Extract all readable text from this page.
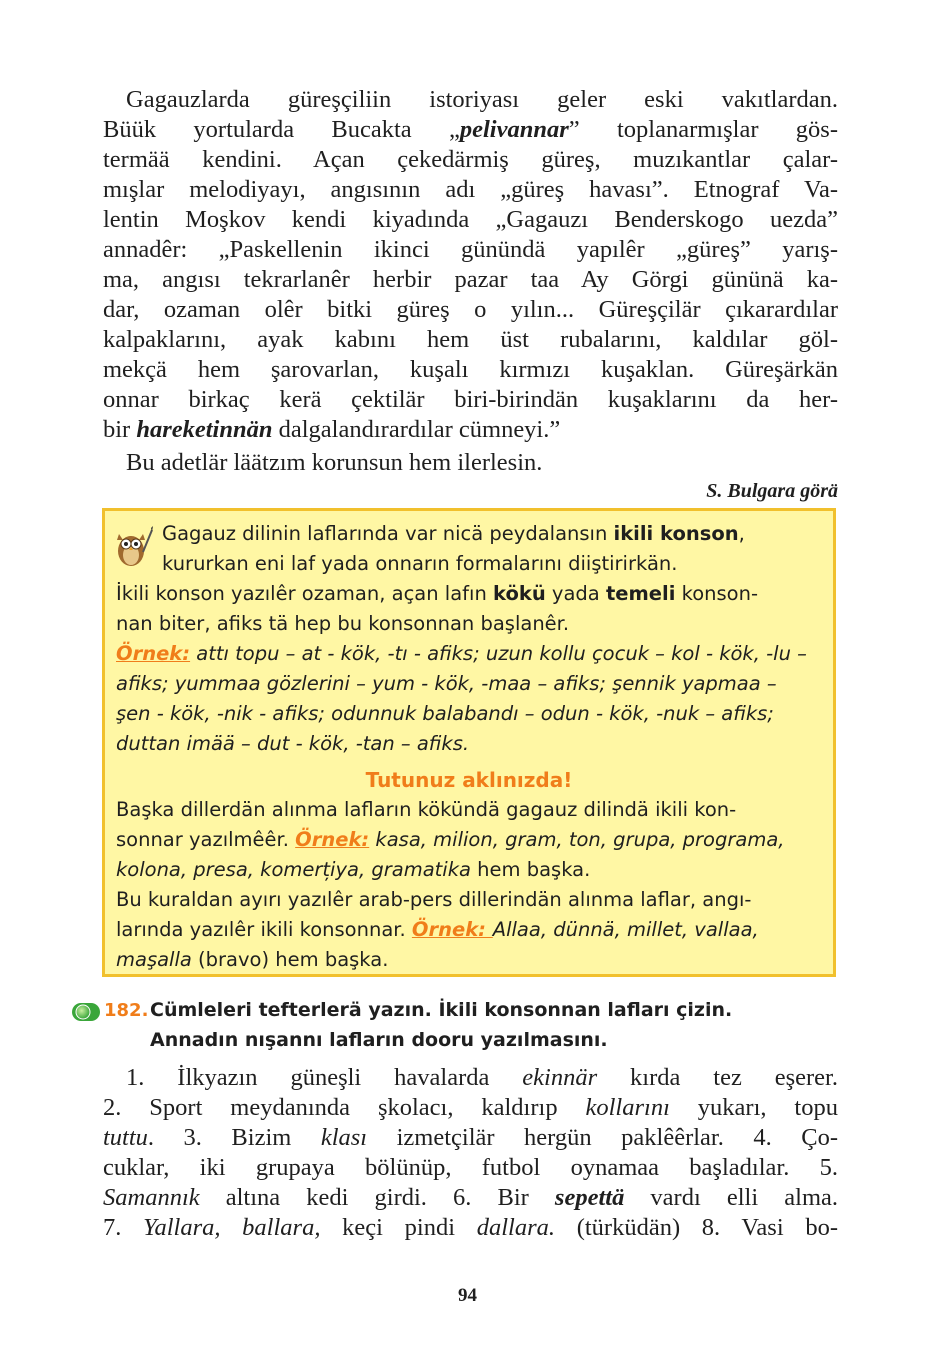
Gagauzlarda güreşçiliin istoriyası geler eski vakıtlardan.
Büük yortularda Bucakta „pelivannar” toplanarmışlar gös-
termää kendini. Açan çekedärmiş güreş, muzıkantlar çalar-
mışlar melodiyayı, angısının adı „güreş havası”. Etnograf Va-
lentin Moşkov kendi kiyadında „Gagauzı Benderskogo uezda”
annadêr: „Paskellenin ikinci günündä yapılêr „güreş” yarış-
ma, angısı tekrarlanêr herbir pazar taa Ay Görgi gününä ka-
dar, ozaman olêr bitki güreş o yılın... Güreşçilär çıkarardılar
kalpaklarını, ayak kabını hem üst rubalarını, kaldılar göl-
mekçä hem şarovarlan, kuşalı kırmızı kuşaklan. Güreşärkän
onnar birkaç kerä çektilär biri-birindän kuşaklarını da her-
bir hareketinnän dalgalandırardılar cümneyi.”
Bu adetlär läätzım korunsun hem ilerlesin.
S. Bulgara görä
Gagauz dilinin laflarında var nicä peydalansın ikili konson,
kururkan eni laf yada onnarın formalarını diiştirirkän.
İkili konson yazılêr ozaman, açan lafın kökü yada temeli konson-
nan biter, afiks tä hep bu konsonnan başlanêr.
Örnek: attı topu – at - kök, -tı - afiks; uzun kollu çocuk – kol - kök, -lu –
afiks; yummaa gözlerini – yum - kök, -maa – afiks; şennik yapmaa –
şen - kök, -nik - afiks; odunnuk balabandı – odun - kök, -nuk – afiks;
duttan imää – dut - kök, -tan – afiks.
Tutunuz aklınızda!
Başka dillerdän alınma lafların kökündä gagauz dilindä ikili kon-
sonnar yazılmêêr. Örnek: kasa, milion, gram, ton, grupa, programa,
kolona, presa, komerțiya, gramatika hem başka.
Bu kuraldan ayırı yazılêr arab-pers dillerindän alınma laflar, angı-
larında yazılêr ikili konsonnar. Örnek: Allaa, dünnä, millet, vallaa,
maşalla (bravo) hem başka.
182. Cümleleri tefterlerä yazın. İkili konsonnan lafları çizin.
Annadın nışannı lafların dooru yazılmasını.
1. İlkyazın güneşli havalarda ekinnär kırda tez eşerer.
2. Sport meydanında şkolacı, kaldırıp kollarını yukarı, topu
tuttu. 3. Bizim klası izmetçilär hergün paklêêrlar. 4. Ço-
cuklar, iki grupaya bölünüp, futbol oynamaa başladılar. 5.
Samannık altına kedi girdi. 6. Bir sepettä vardı elli alma.
7. Yallara, ballara, keçi pindi dallara. (türküdän) 8. Vasi bo-
94
